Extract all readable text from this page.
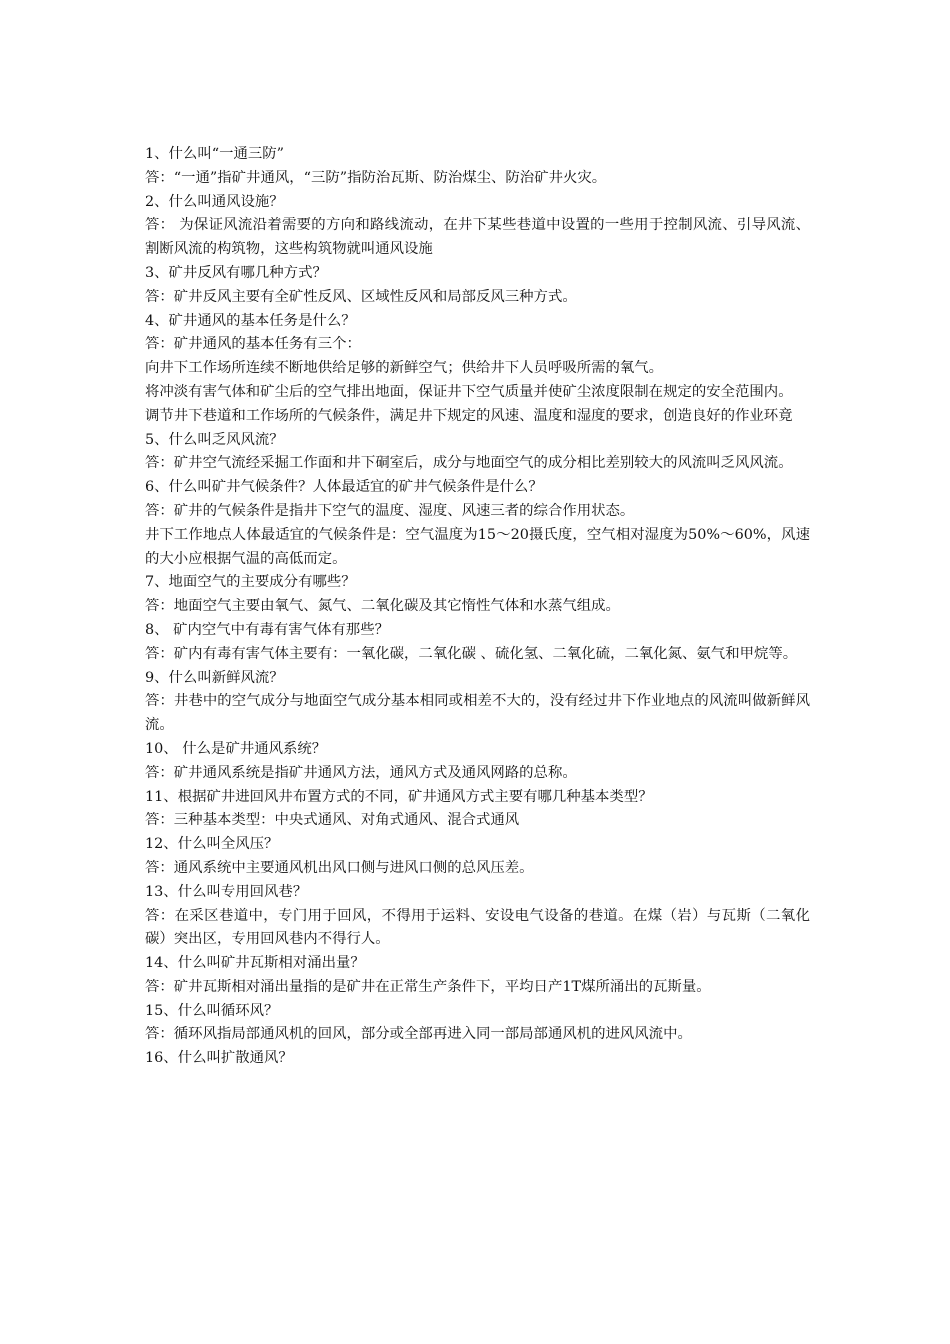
1、什么叫“一通三防”
答：“一通”指矿井通风，“三防”指防治瓦斯、防治煤尘、防治矿井火灾。
2、什么叫通风设施？
答： 为保证风流沿着需要的方向和路线流动，在井下某些巷道中设置的一些用于控制风流、引导风流、割断风流的构筑物，这些构筑物就叫通风设施
3、矿井反风有哪几种方式？
答：矿井反风主要有全矿性反风、区域性反风和局部反风三种方式。
4、矿井通风的基本任务是什么？
答：矿井通风的基本任务有三个：
向井下工作场所连续不断地供给足够的新鲜空气；供给井下人员呼吸所需的氧气。
将冲淡有害气体和矿尘后的空气排出地面，保证井下空气质量并使矿尘浓度限制在规定的安全范围内。
调节井下巷道和工作场所的气候条件，满足井下规定的风速、温度和湿度的要求，创造良好的作业环竟
5、什么叫乏风风流？
答：矿井空气流经采掘工作面和井下硐室后，成分与地面空气的成分相比差别较大的风流叫乏风风流。
6、什么叫矿井气候条件？人体最适宜的矿井气候条件是什么？
答：矿井的气候条件是指井下空气的温度、湿度、风速三者的综合作用状态。
井下工作地点人体最适宜的气候条件是：空气温度为15～20摄氏度，空气相对湿度为50%～60%，风速的大小应根据气温的高低而定。
7、地面空气的主要成分有哪些？
答：地面空气主要由氧气、氮气、二氧化碳及其它惰性气体和水蒸气组成。
8、 矿内空气中有毒有害气体有那些？
答：矿内有毒有害气体主要有：一氧化碳，二氧化碳 、硫化氢、二氧化硫，二氧化氮、氨气和甲烷等。
9、什么叫新鲜风流？
答：井巷中的空气成分与地面空气成分基本相同或相差不大的，没有经过井下作业地点的风流叫做新鲜风流。
10、 什么是矿井通风系统？
答：矿井通风系统是指矿井通风方法，通风方式及通风网路的总称。
11、根据矿井进回风井布置方式的不同，矿井通风方式主要有哪几种基本类型？
答：三种基本类型：中央式通风、对角式通风、混合式通风
12、什么叫全风压？
答：通风系统中主要通风机出风口侧与进风口侧的总风压差。
13、什么叫专用回风巷？
答：在采区巷道中，专门用于回风，不得用于运料、安设电气设备的巷道。在煤（岩）与瓦斯（二氧化碳）突出区，专用回风巷内不得行人。
14、什么叫矿井瓦斯相对涌出量？
答：矿井瓦斯相对涌出量指的是矿井在正常生产条件下，平均日产1T煤所涌出的瓦斯量。
15、什么叫循环风？
答：循环风指局部通风机的回风，部分或全部再进入同一部局部通风机的进风风流中。
16、什么叫扩散通风？
